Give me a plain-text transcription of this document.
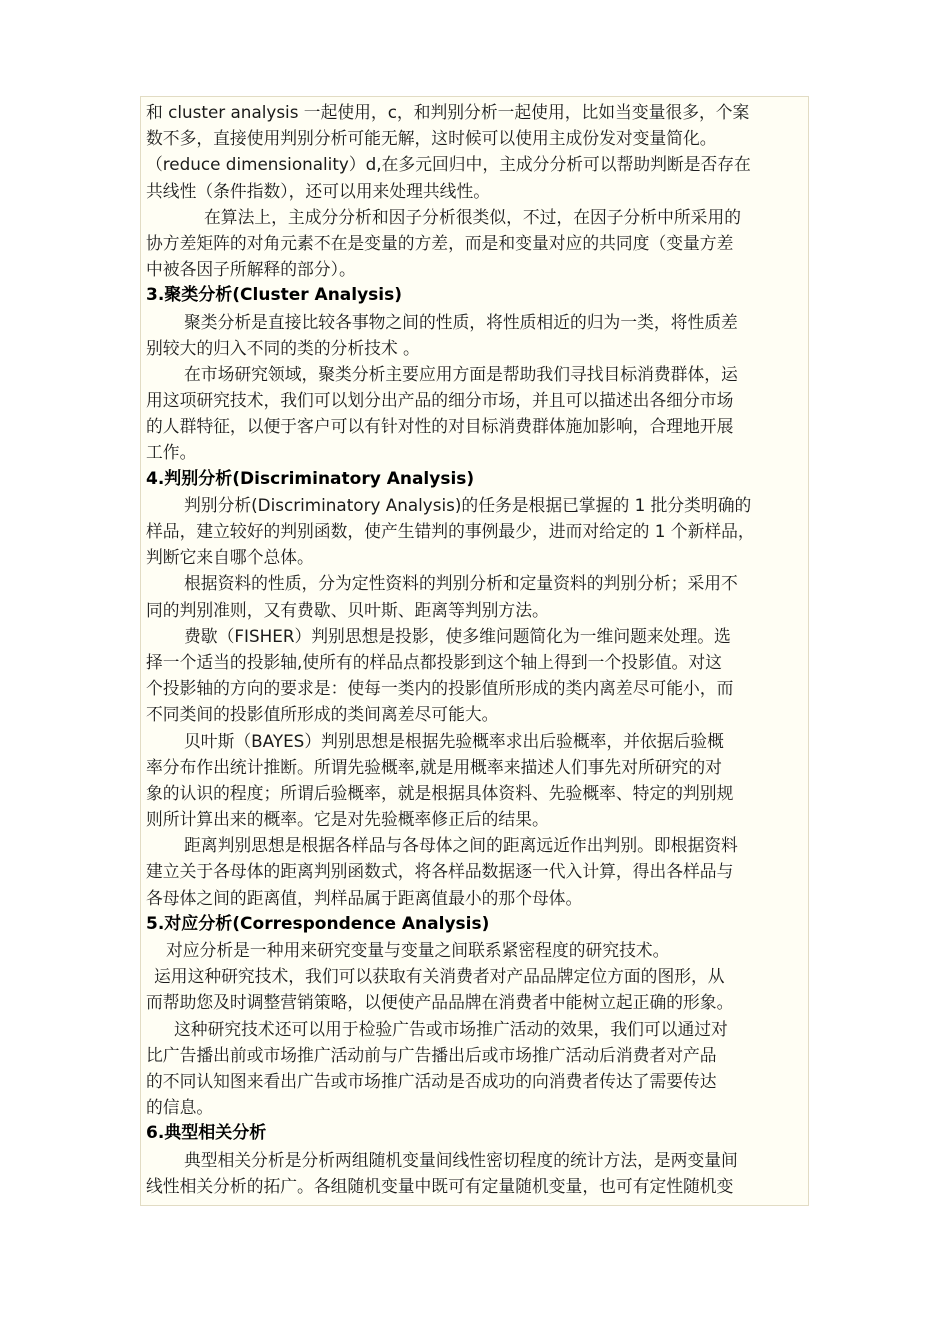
和 cluster analysis 一起使用，c，和判别分析一起使用，比如当变量很多，个案
数不多，直接使用判别分析可能无解，这时候可以使用主成份发对变量简化。
（reduce dimensionality）d,在多元回归中，主成分分析可以帮助判断是否存在
共线性（条件指数），还可以用来处理共线性。
在算法上，主成分分析和因子分析很类似，不过，在因子分析中所采用的
协方差矩阵的对角元素不在是变量的方差，而是和变量对应的共同度（变量方差
中被各因子所解释的部分）。
3.聚类分析(Cluster Analysis)
聚类分析是直接比较各事物之间的性质，将性质相近的归为一类，将性质差
别较大的归入不同的类的分析技术 。
在市场研究领域，聚类分析主要应用方面是帮助我们寻找目标消费群体，运
用这项研究技术，我们可以划分出产品的细分市场，并且可以描述出各细分市场
的人群特征，以便于客户可以有针对性的对目标消费群体施加影响，合理地开展
工作。
4.判别分析(Discriminatory Analysis)
判别分析(Discriminatory Analysis)的任务是根据已掌握的 1 批分类明确的
样品，建立较好的判别函数，使产生错判的事例最少，进而对给定的 1 个新样品，
判断它来自哪个总体。
根据资料的性质，分为定性资料的判别分析和定量资料的判别分析；采用不
同的判别准则，又有费歇、贝叶斯、距离等判别方法。
费歇（FISHER）判别思想是投影，使多维问题简化为一维问题来处理。选
择一个适当的投影轴,使所有的样品点都投影到这个轴上得到一个投影值。对这
个投影轴的方向的要求是：使每一类内的投影值所形成的类内离差尽可能小，而
不同类间的投影值所形成的类间离差尽可能大。
贝叶斯（BAYES）判别思想是根据先验概率求出后验概率，并依据后验概
率分布作出统计推断。所谓先验概率,就是用概率来描述人们事先对所研究的对
象的认识的程度；所谓后验概率，就是根据具体资料、先验概率、特定的判别规
则所计算出来的概率。它是对先验概率修正后的结果。
距离判别思想是根据各样品与各母体之间的距离远近作出判别。即根据资料
建立关于各母体的距离判别函数式，将各样品数据逐一代入计算，得出各样品与
各母体之间的距离值，判样品属于距离值最小的那个母体。
5.对应分析(Correspondence Analysis)
对应分析是一种用来研究变量与变量之间联系紧密程度的研究技术。
运用这种研究技术，我们可以获取有关消费者对产品品牌定位方面的图形，从
而帮助您及时调整营销策略，以便使产品品牌在消费者中能树立起正确的形象。
这种研究技术还可以用于检验广告或市场推广活动的效果，我们可以通过对
比广告播出前或市场推广活动前与广告播出后或市场推广活动后消费者对产品
的不同认知图来看出广告或市场推广活动是否成功的向消费者传达了需要传达
的信息。
6.典型相关分析
典型相关分析是分析两组随机变量间线性密切程度的统计方法，是两变量间
线性相关分析的拓广。各组随机变量中既可有定量随机变量，也可有定性随机变
